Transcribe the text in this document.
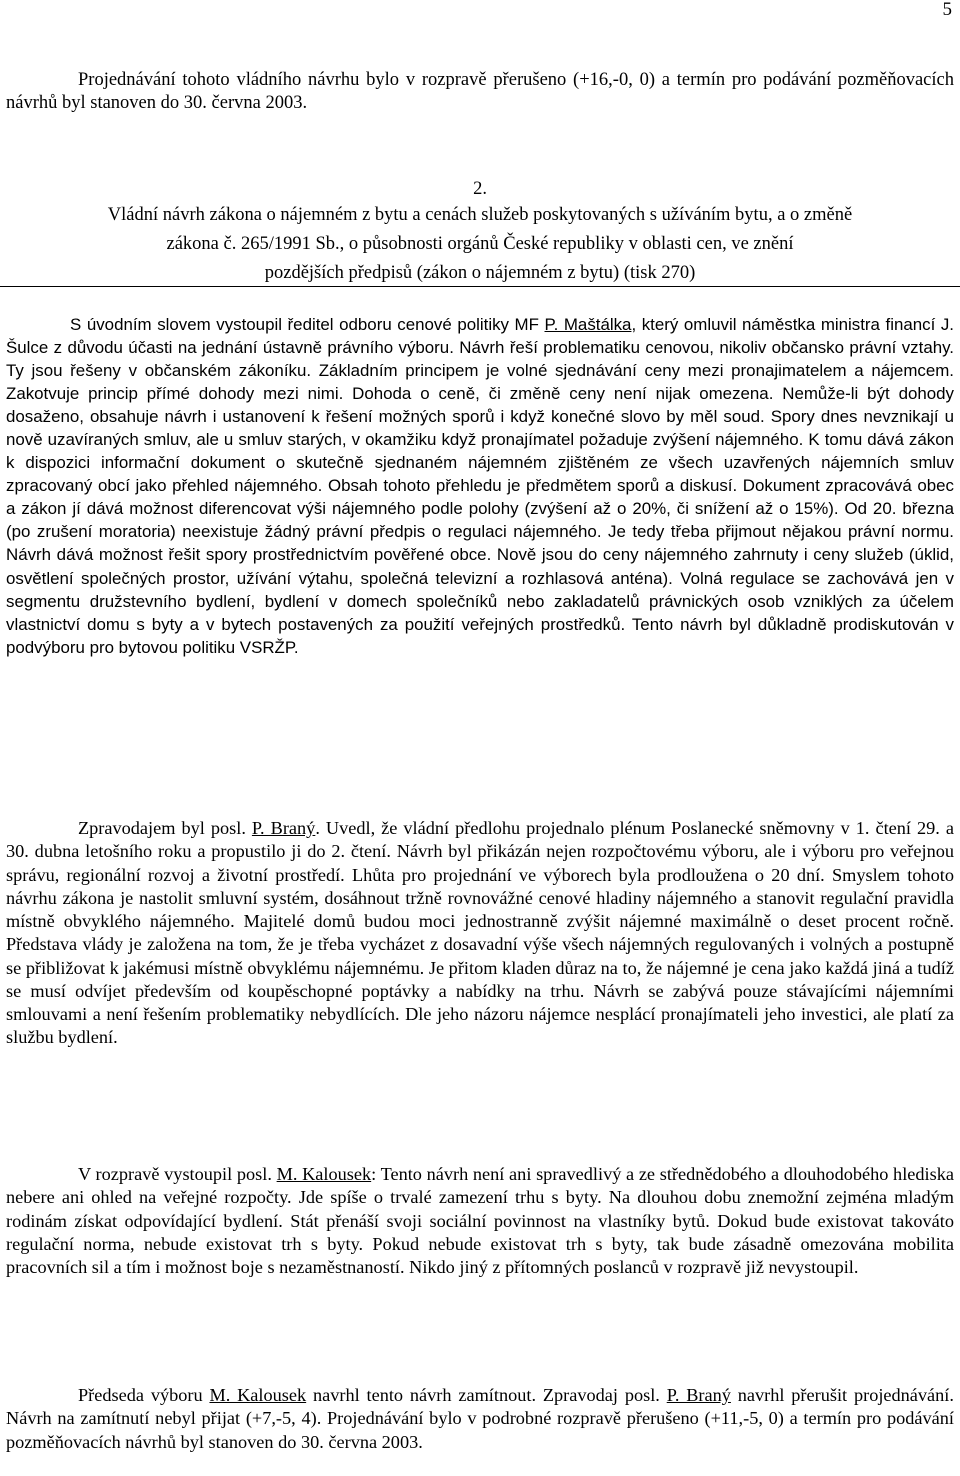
5

Projednávání tohoto vládního návrhu bylo v rozpravě přerušeno (+16,-0, 0) a termín pro podávání pozměňovacích návrhů byl stanoven do 30. června 2003.

2.
Vládní návrh zákona o nájemném z bytu a cenách služeb poskytovaných s užíváním bytu, a o změně
zákona č. 265/1991 Sb., o působnosti orgánů České republiky v oblasti cen, ve znění
pozdějších předpisů (zákon o nájemném z bytu) (tisk 270)

S úvodním slovem vystoupil ředitel odboru cenové politiky MF P. Maštálka, který omluvil náměstka ministra financí J. Šulce z důvodu účasti na jednání ústavně právního výboru. Návrh řeší problematiku cenovou, nikoliv občansko právní vztahy. Ty jsou řešeny v občanském zákoníku. Základním principem je volné sjednávání ceny mezi pronajimatelem a nájemcem. Zakotvuje princip přímé dohody mezi nimi. Dohoda o ceně, či změně ceny není nijak omezena. Nemůže-li být dohody dosaženo, obsahuje návrh i ustanovení k řešení možných sporů i když konečné slovo by měl soud. Spory dnes nevznikají u nově uzavíraných smluv, ale u smluv starých, v okamžiku když pronajímatel požaduje zvýšení nájemného. K tomu dává zákon k dispozici informační dokument o skutečně sjednaném nájemném zjištěném ze všech uzavřených nájemních smluv zpracovaný obcí jako přehled nájemného. Obsah tohoto přehledu je předmětem sporů a diskusí. Dokument zpracovává obec a zákon jí dává možnost diferencovat výši nájemného podle polohy (zvýšení až o 20%, či snížení až o 15%). Od 20. března (po zrušení moratoria) neexistuje žádný právní předpis o regulaci nájemného. Je tedy třeba přijmout nějakou právní normu. Návrh dává možnost řešit spory prostřednictvím pověřené obce. Nově jsou do ceny nájemného zahrnuty i ceny služeb (úklid, osvětlení společných prostor, užívání výtahu, společná televizní a rozhlasová anténa). Volná regulace se zachovává jen v segmentu družstevního bydlení, bydlení v domech společníků nebo zakladatelů právnických osob vzniklých za účelem vlastnictví domu s byty a v bytech postavených za použití veřejných prostředků. Tento návrh byl důkladně prodiskutován v podvýboru pro bytovou politiku VSRŽP.

Zpravodajem byl posl. P. Braný. Uvedl, že vládní předlohu projednalo plénum Poslanecké sněmovny v 1. čtení 29. a 30. dubna letošního roku a propustilo ji do 2. čtení. Návrh byl přikázán nejen rozpočtovému výboru, ale i výboru pro veřejnou správu, regionální rozvoj a životní prostředí. Lhůta pro projednání ve výborech byla prodloužena o 20 dní. Smyslem tohoto návrhu zákona je nastolit smluvní systém, dosáhnout tržně rovnovážné cenové hladiny nájemného a stanovit regulační pravidla místně obvyklého nájemného. Majitelé domů budou moci jednostranně zvýšit nájemné maximálně o deset procent ročně. Představa vlády je založena na tom, že je třeba vycházet z dosavadní výše všech nájemných regulovaných i volných a postupně se přibližovat k jakémusi místně obvyklému nájemnému. Je přitom kladen důraz na to, že nájemné je cena jako každá jiná a tudíž se musí odvíjet především od koupěschopné poptávky a nabídky na trhu. Návrh se zabývá pouze stávajícími nájemními smlouvami a není řešením problematiky nebydlících. Dle jeho názoru nájemce nesplácí pronajímateli jeho investici, ale platí za službu bydlení.

V rozpravě vystoupil posl. M. Kalousek: Tento návrh není ani spravedlivý a ze střednědobého a dlouhodobého hlediska nebere ani ohled na veřejné rozpočty. Jde spíše o trvalé zamezení trhu s byty. Na dlouhou dobu znemožní zejména mladým rodinám získat odpovídající bydlení. Stát přenáší svoji sociální povinnost na vlastníky bytů. Dokud bude existovat takováto regulační norma, nebude existovat trh s byty. Pokud nebude existovat trh s byty, tak bude zásadně omezována mobilita pracovních sil a tím i možnost boje s nezaměstnaností. Nikdo jiný z přítomných poslanců v rozpravě již nevystoupil.

Předseda výboru M. Kalousek navrhl tento návrh zamítnout. Zpravodaj posl. P. Braný navrhl přerušit projednávání. Návrh na zamítnutí nebyl přijat (+7,-5, 4). Projednávání bylo v podrobné rozpravě přerušeno (+11,-5, 0) a termín pro podávání pozměňovacích návrhů byl stanoven do 30. června 2003.
